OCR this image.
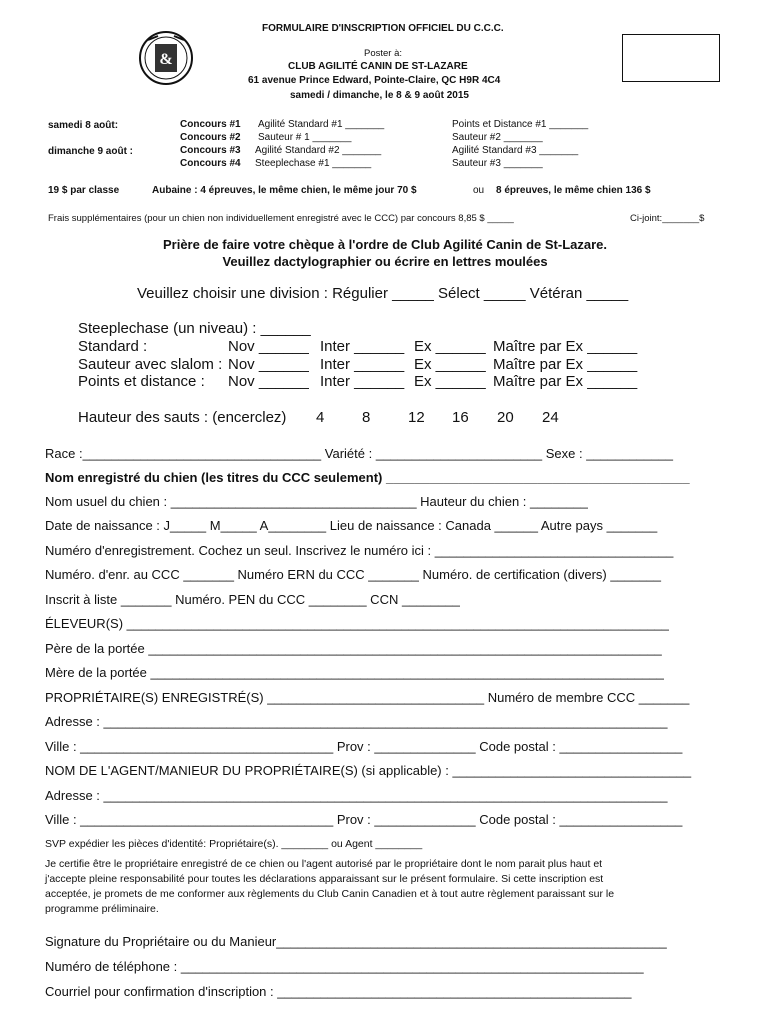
&
FORMULAIRE D'INSCRIPTION OFFICIEL DU C.C.C.
Poster à:
CLUB AGILITÉ CANIN DE ST-LAZARE
61 avenue Prince Edward, Pointe-Claire, QC H9R 4C4
samedi / dimanche, le 8 & 9 août 2015
samedi 8 août:
dimanche 9 août :
Concours #1 Agilité Standard #1 _______	Points et Distance #1 _______
Concours #2 Sauteur # 1 _______	Sauteur #2 _______
Concours #3 Agilité Standard #2 _______	Agilité Standard #3 _______
Concours #4 Steeplechase #1 _______	Sauteur #3 _______
19 $ par classe	Aubaine : 4 épreuves, le même chien, le même jour 70 $	ou 8 épreuves, le même chien 136 $
Frais supplémentaires (pour un chien non individuellement enregistré avec le CCC) par concours 8,85 $ _____	Ci-joint:_______$
Prière de faire votre chèque à l'ordre de Club Agilité Canin de St-Lazare.
Veuillez dactylographier ou écrire en lettres moulées
Veuillez choisir une division : Régulier _____ Sélect _____ Vétéran _____
Steeplechase (un niveau) : ______
Standard :	Nov ______ Inter ______ Ex ______ Maître par Ex ______
Sauteur avec slalom : Nov ______ Inter ______ Ex ______ Maître par Ex ______
Points et distance : Nov ______ Inter ______ Ex ______ Maître par Ex ______
Hauteur des sauts : (encerclez) 4	8	12 16 20 24
Race :_________________________________ Variété : _______________________ Sexe : ____________
Nom enregistré du chien (les titres du CCC seulement) __________________________________________
Nom usuel du chien : __________________________________ Hauteur du chien : ________
Date de naissance : J_____ M_____ A________ Lieu de naissance : Canada ______ Autre pays _______
Numéro d'enregistrement. Cochez un seul. Inscrivez le numéro ici : _________________________________
Numéro. d'enr. au CCC _______ Numéro ERN du CCC _______ Numéro. de certification (divers) _______
Inscrit à liste _______ Numéro. PEN du CCC ________ CCN ________
ÉLEVEUR(S) ___________________________________________________________________________
Père de la portée _______________________________________________________________________
Mère de la portée _______________________________________________________________________
PROPRIÉTAIRE(S) ENREGISTRÉ(S) ______________________________ Numéro de membre CCC _______
Adresse : ______________________________________________________________________________
Ville : ___________________________________ Prov : ______________ Code postal : _________________
NOM DE L'AGENT/MANIEUR DU PROPRIÉTAIRE(S) (si applicable) : _________________________________
Adresse : ______________________________________________________________________________
Ville : ___________________________________ Prov : ______________ Code postal : _________________
SVP expédier les pièces d'identité: Propriétaire(s). ________ ou Agent ________
Je certifie être le propriétaire enregistré de ce chien ou l'agent autorisé par le propriétaire dont le nom parait plus haut et
j'accepte pleine responsabilité pour toutes les déclarations apparaissant sur le présent formulaire. Si cette inscription est
acceptée, je promets de me conformer aux règlements du Club Canin Canadien et à tout autre règlement paraissant sur le
programme préliminaire.
Signature du Propriétaire ou du Manieur______________________________________________________
Numéro de téléphone : ________________________________________________________________
Courriel pour confirmation d'inscription : _________________________________________________
